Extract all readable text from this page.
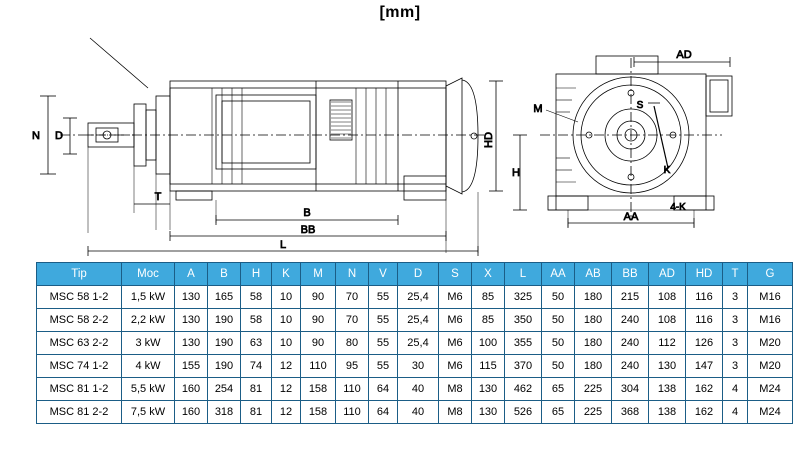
[mm]
N D
T
B
BB
L
HD
AD
M	S
K
H
AA
4-K
Tip	Moc	A	B	H	K	M	N	V	D	S	X	L	AA	AB	BB	AD	HD	T	G
MSC 58 1-2	1,5 kW	130	165	58	10	90	70	55	25,4	M6	85	325	50	180	215	108	116	3	M16
MSC 58 2-2	2,2 kW	130	190	58	10	90	70	55	25,4	M6	85	350	50	180	240	108	116	3	M16
MSC 63 2-2	3 kW	130	190	63	10	90	80	55	25,4	M6	100	355	50	180	240	112	126	3	M20
MSC 74 1-2	4 kW	155	190	74	12	110	95	55	30	M6	115	370	50	180	240	130	147	3	M20
MSC 81 1-2	5,5 kW	160	254	81	12	158	110	64	40	M8	130	462	65	225	304	138	162	4	M24
MSC 81 2-2	7,5 kW	160	318	81	12	158	110	64	40	M8	130	526	65	225	368	138	162	4	M24
